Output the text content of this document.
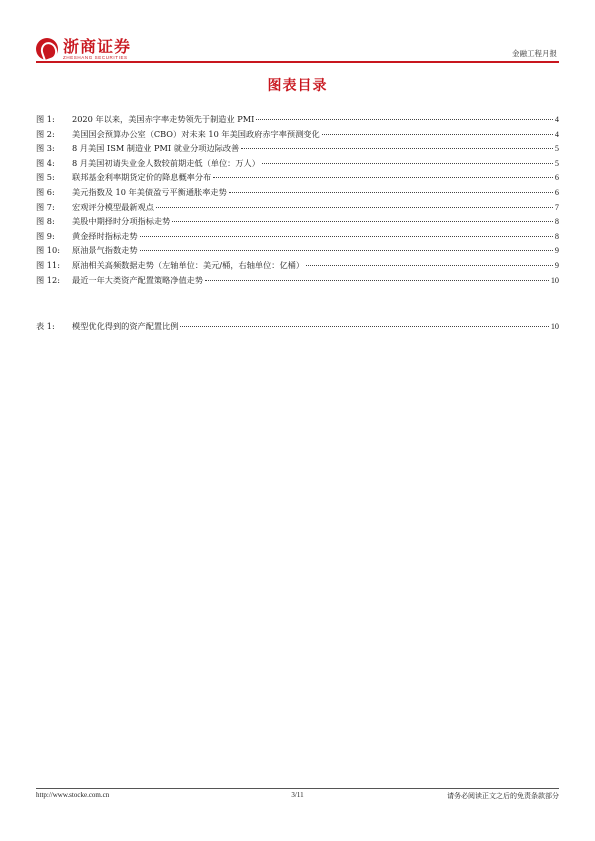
浙商证券
ZHESHANG SECURITIES	金融工程月报
图表目录
图 1:	2020 年以来，美国赤字率走势领先于制造业 PMI	4
图 2:	美国国会预算办公室（CBO）对未来 10 年美国政府赤字率预测变化	4
图 3:	8 月美国 ISM 制造业 PMI 就业分项边际改善	5
图 4:	8 月美国初请失业金人数较前期走低（单位：万人）	5
图 5:	联邦基金利率期货定价的降息概率分布	6
图 6:	美元指数及 10 年美债盈亏平衡通胀率走势	6
图 7:	宏观评分模型最新观点	7
图 8:	美股中期择时分项指标走势	8
图 9:	黄金择时指标走势	8
图 10:	原油景气指数走势	9
图 11:	原油相关高频数据走势（左轴单位：美元/桶，右轴单位：亿桶）	9
图 12:	最近一年大类资产配置策略净值走势	10
表 1:	模型优化得到的资产配置比例	10
http://www.stocke.com.cn	3/11	请务必阅读正文之后的免责条款部分
